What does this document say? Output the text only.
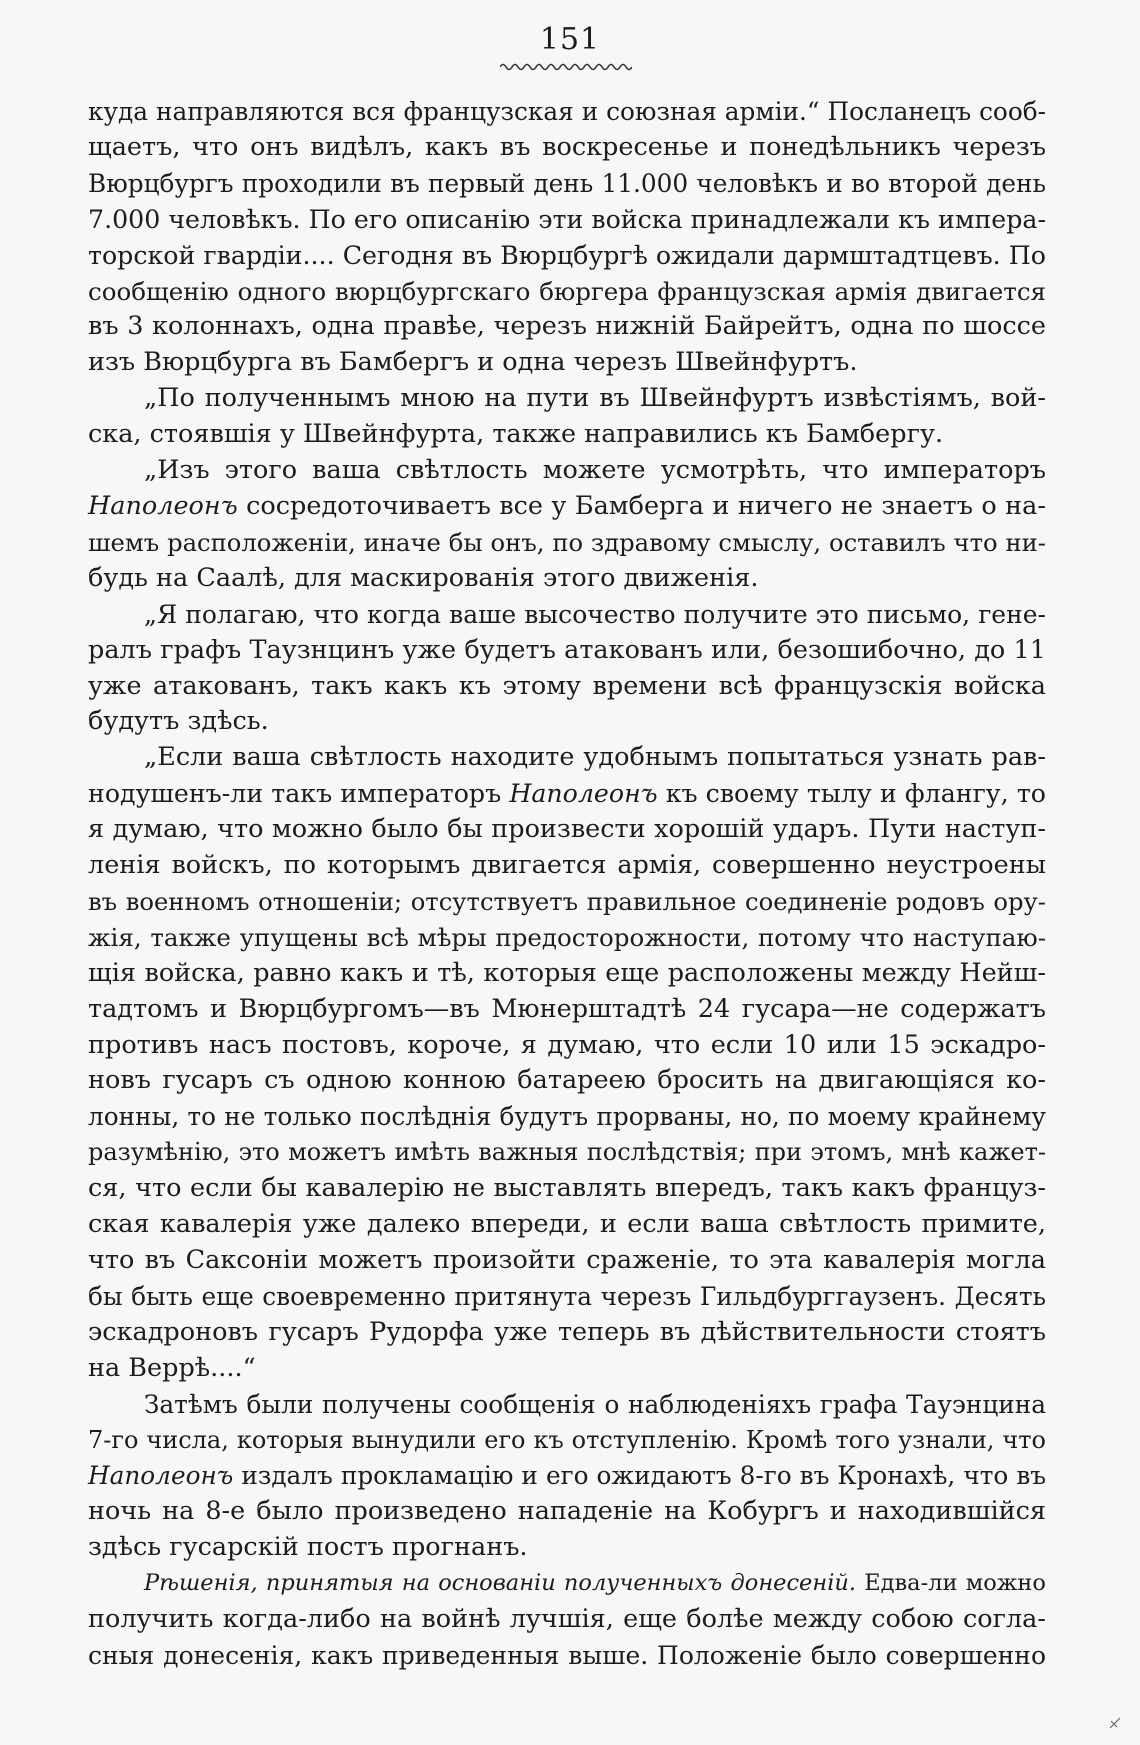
151
куда направляются вся французская и союзная арміи.“ Посланецъ сооб-
щаетъ, что онъ видѣлъ, какъ въ воскресенье и понедѣльникъ черезъ
Вюрцбургъ проходили въ первый день 11.000 человѣкъ и во второй день
7.000 человѣкъ. По его описанію эти войска принадлежали къ импера-
торской гвардіи.... Сегодня въ Вюрцбургѣ ожидали дармштадтцевъ. По
сообщенію одного вюрцбургскаго бюргера французская армія двигается
въ 3 колоннахъ, одна правѣе, черезъ нижній Байрейтъ, одна по шоссе
изъ Вюрцбурга въ Бамбергъ и одна черезъ Швейнфуртъ.
„По полученнымъ мною на пути въ Швейнфуртъ извѣстіямъ, вой-
ска, стоявшія у Швейнфурта, также направились къ Бамбергу.
„Изъ этого ваша свѣтлость можете усмотрѣть, что императоръ
Наполеонъ сосредоточиваетъ все у Бамберга и ничего не знаетъ о на-
шемъ расположеніи, иначе бы онъ, по здравому смыслу, оставилъ что ни-
будь на Саалѣ, для маскированія этого движенія.
„Я полагаю, что когда ваше высочество получите это письмо, гене-
ралъ графъ Таузнцинъ уже будетъ атакованъ или, безошибочно, до 11
уже атакованъ, такъ какъ къ этому времени всѣ французскія войска
будутъ здѣсь.
„Если ваша свѣтлость находите удобнымъ попытаться узнать рав-
нодушенъ-ли такъ императоръ Наполеонъ къ своему тылу и флангу, то
я думаю, что можно было бы произвести хорошій ударъ. Пути наступ-
ленія войскъ, по которымъ двигается армія, совершенно неустроены
въ военномъ отношеніи; отсутствуетъ правильное соединеніе родовъ ору-
жія, также упущены всѣ мѣры предосторожности, потому что наступаю-
щія войска, равно какъ и тѣ, которыя еще расположены между Нейш-
тадтомъ и Вюрцбургомъ—въ Мюнерштадтѣ 24 гусара—не содержатъ
противъ насъ постовъ, короче, я думаю, что если 10 или 15 эскадро-
новъ гусаръ съ одною конною батареею бросить на двигающіяся ко-
лонны, то не только послѣднія будутъ прорваны, но, по моему крайнему
разумѣнію, это можетъ имѣть важныя послѣдствія; при этомъ, мнѣ кажет-
ся, что если бы кавалерію не выставлять впередъ, такъ какъ француз-
ская кавалерія уже далеко впереди, и если ваша свѣтлость примите,
что въ Саксоніи можетъ произойти сраженіе, то эта кавалерія могла
бы быть еще своевременно притянута черезъ Гильдбурггаузенъ. Десять
эскадроновъ гусаръ Рудорфа уже теперь въ дѣйствительности стоятъ
на Веррѣ....“
Затѣмъ были получены сообщенія о наблюденіяхъ графа Тауэнцина
7-го числа, которыя вынудили его къ отступленію. Кромѣ того узнали, что
Наполеонъ издалъ прокламацію и его ожидаютъ 8-го въ Кронахѣ, что въ
ночь на 8-е было произведено нападеніе на Кобургъ и находившійся
здѣсь гусарскій постъ прогнанъ.
Рѣшенія, принятыя на основаніи полученныхъ донесеній. Едва-ли можно
получить когда-либо на войнѣ лучшія, еще болѣе между собою согла-
сныя донесенія, какъ приведенныя выше. Положеніе было совершенно
